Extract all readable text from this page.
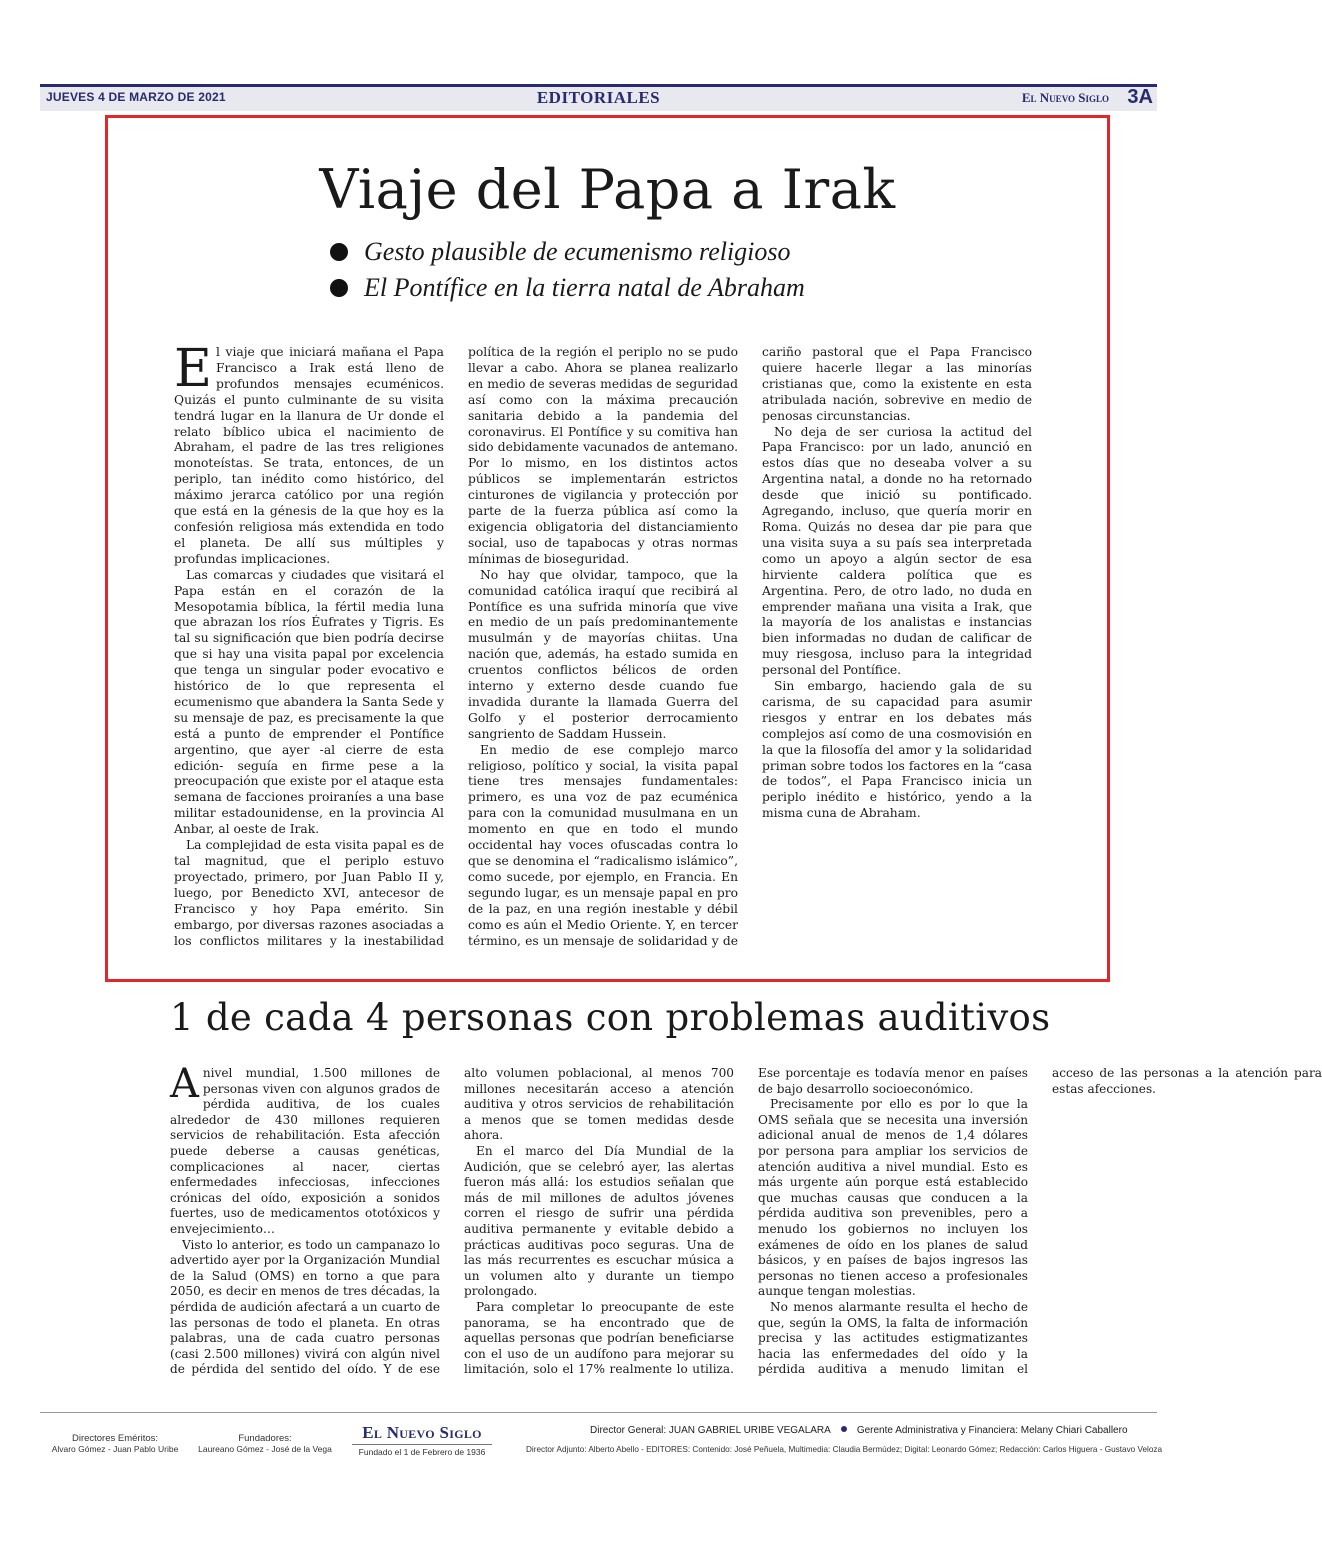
JUEVES 4 DE MARZO DE 2021	EDITORIALES	El Nuevo Siglo 3A
Viaje del Papa a Irak
Gesto plausible de ecumenismo religioso
El Pontífice en la tierra natal de Abraham

El viaje que iniciará mañana el Papa Francisco a Irak está lleno de profundos mensajes ecuménicos. Quizás el punto culminante de su visita tendrá lugar en la llanura de Ur donde el relato bíblico ubica el nacimiento de Abraham, el padre de las tres religiones monoteístas. Se trata, entonces, de un periplo, tan inédito como histórico, del máximo jerarca católico por una región que está en la génesis de la que hoy es la confesión religiosa más extendida en todo el planeta. De allí sus múltiples y profundas implicaciones.

Las comarcas y ciudades que visitará el Papa están en el corazón de la Mesopotamia bíblica, la fértil media luna que abrazan los ríos Éufrates y Tigris. Es tal su significación que bien podría decirse que si hay una visita papal por excelencia que tenga un singular poder evocativo e histórico de lo que representa el ecumenismo que abandera la Santa Sede y su mensaje de paz, es precisamente la que está a punto de emprender el Pontífice argentino, que ayer -al cierre de esta edición- seguía en firme pese a la preocupación que existe por el ataque esta semana de facciones proiraníes a una base militar estadounidense, en la provincia Al Anbar, al oeste de Irak.

La complejidad de esta visita papal es de tal magnitud, que el periplo estuvo proyectado, primero, por Juan Pablo II y, luego, por Benedicto XVI, antecesor de Francisco y hoy Papa emérito. Sin embargo, por diversas razones asociadas a los conflictos militares y la inestabilidad política de la región el periplo no se pudo llevar a cabo. Ahora se planea realizarlo en medio de severas medidas de seguridad así como con la máxima precaución sanitaria debido a la pandemia del coronavirus. El Pontífice y su comitiva han sido debidamente vacunados de antemano. Por lo mismo, en los distintos actos públicos se implementarán estrictos cinturones de vigilancia y protección por parte de la fuerza pública así como la exigencia obligatoria del distanciamiento social, uso de tapabocas y otras normas mínimas de bioseguridad.

No hay que olvidar, tampoco, que la comunidad católica iraquí que recibirá al Pontífice es una sufrida minoría que vive en medio de un país predominantemente musulmán y de mayorías chiitas. Una nación que, además, ha estado sumida en cruentos conflictos bélicos de orden interno y externo desde cuando fue invadida durante la llamada Guerra del Golfo y el posterior derrocamiento sangriento de Saddam Hussein.

En medio de ese complejo marco religioso, político y social, la visita papal tiene tres mensajes fundamentales: primero, es una voz de paz ecuménica para con la comunidad musulmana en un momento en que en todo el mundo occidental hay voces ofuscadas contra lo que se denomina el “radicalismo islámico”, como sucede, por ejemplo, en Francia. En segundo lugar, es un mensaje papal en pro de la paz, en una región inestable y débil como es aún el Medio Oriente. Y, en tercer término, es un mensaje de solidaridad y de cariño pastoral que el Papa Francisco quiere hacerle llegar a las minorías cristianas que, como la existente en esta atribulada nación, sobrevive en medio de penosas circunstancias.

No deja de ser curiosa la actitud del Papa Francisco: por un lado, anunció en estos días que no deseaba volver a su Argentina natal, a donde no ha retornado desde que inició su pontificado. Agregando, incluso, que quería morir en Roma. Quizás no desea dar pie para que una visita suya a su país sea interpretada como un apoyo a algún sector de esa hirviente caldera política que es Argentina. Pero, de otro lado, no duda en emprender mañana una visita a Irak, que la mayoría de los analistas e instancias bien informadas no dudan de calificar de muy riesgosa, incluso para la integridad personal del Pontífice.

Sin embargo, haciendo gala de su carisma, de su capacidad para asumir riesgos y entrar en los debates más complejos así como de una cosmovisión en la que la filosofía del amor y la solidaridad priman sobre todos los factores en la “casa de todos”, el Papa Francisco inicia un periplo inédito e histórico, yendo a la misma cuna de Abraham.

1 de cada 4 personas con problemas auditivos

Anivel mundial, 1.500 millones de personas viven con algunos grados de pérdida auditiva, de los cuales alrededor de 430 millones requieren servicios de rehabilitación. Esta afección puede deberse a causas genéticas, complicaciones al nacer, ciertas enfermedades infecciosas, infecciones crónicas del oído, exposición a sonidos fuertes, uso de medicamentos ototóxicos y envejecimiento…

Visto lo anterior, es todo un campanazo lo advertido ayer por la Organización Mundial de la Salud (OMS) en torno a que para 2050, es decir en menos de tres décadas, la pérdida de audición afectará a un cuarto de las personas de todo el planeta. En otras palabras, una de cada cuatro personas (casi 2.500 millones) vivirá con algún nivel de pérdida del sentido del oído. Y de ese alto volumen poblacional, al menos 700 millones necesitarán acceso a atención auditiva y otros servicios de rehabilitación a menos que se tomen medidas desde ahora.

En el marco del Día Mundial de la Audición, que se celebró ayer, las alertas fueron más allá: los estudios señalan que más de mil millones de adultos jóvenes corren el riesgo de sufrir una pérdida auditiva permanente y evitable debido a prácticas auditivas poco seguras. Una de las más recurrentes es escuchar música a un volumen alto y durante un tiempo prolongado.

Para completar lo preocupante de este panorama, se ha encontrado que de aquellas personas que podrían beneficiarse con el uso de un audífono para mejorar su limitación, solo el 17% realmente lo utiliza. Ese porcentaje es todavía menor en países de bajo desarrollo socioeconómico.

Precisamente por ello es por lo que la OMS señala que se necesita una inversión adicional anual de menos de 1,4 dólares por persona para ampliar los servicios de atención auditiva a nivel mundial. Esto es más urgente aún porque está establecido que muchas causas que conducen a la pérdida auditiva son prevenibles, pero a menudo los gobiernos no incluyen los exámenes de oído en los planes de salud básicos, y en países de bajos ingresos las personas no tienen acceso a profesionales aunque tengan molestias.

No menos alarmante resulta el hecho de que, según la OMS, la falta de información precisa y las actitudes estigmatizantes hacia las enfermedades del oído y la pérdida auditiva a menudo limitan el acceso de las personas a la atención para estas afecciones.

Directores Eméritos:
Alvaro Gómez - Juan Pablo Uribe
Fundadores:
Laureano Gómez - José de la Vega
El Nuevo Siglo
Fundado el 1 de Febrero de 1936
Director General: JUAN GABRIEL URIBE VEGALARA	Gerente Administrativa y Financiera: Melany Chiari Caballero
Director Adjunto: Alberto Abello - EDITORES: Contenido: José Peñuela, Multimedia: Claudia Bermúdez; Digital: Leonardo Gómez; Redacción: Carlos Higuera - Gustavo Veloza
